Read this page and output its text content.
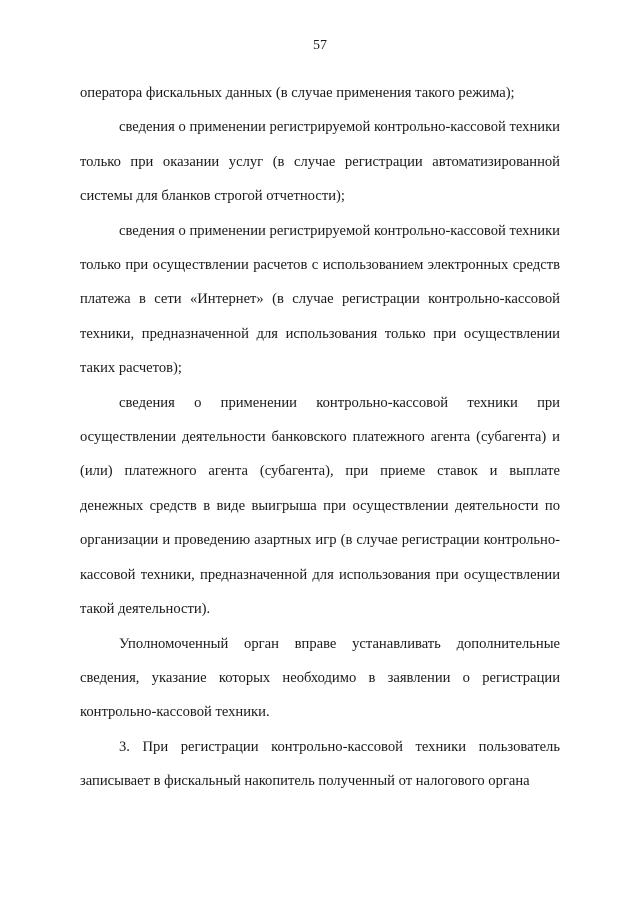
57

оператора фискальных данных (в случае применения такого режима);

сведения о применении регистрируемой контрольно-кассовой техники только при оказании услуг (в случае регистрации автоматизированной системы для бланков строгой отчетности);

сведения о применении регистрируемой контрольно-кассовой техники только при осуществлении расчетов с использованием электронных средств платежа в сети «Интернет» (в случае регистрации контрольно-кассовой техники, предназначенной для использования только при осуществлении таких расчетов);

сведения о применении контрольно-кассовой техники при осуществлении деятельности банковского платежного агента (субагента) и (или) платежного агента (субагента), при приеме ставок и выплате денежных средств в виде выигрыша при осуществлении деятельности по организации и проведению азартных игр (в случае регистрации контрольно-кассовой техники, предназначенной для использования при осуществлении такой деятельности).

Уполномоченный орган вправе устанавливать дополнительные сведения, указание которых необходимо в заявлении о регистрации контрольно-кассовой техники.

3. При регистрации контрольно-кассовой техники пользователь записывает в фискальный накопитель полученный от налогового органа
